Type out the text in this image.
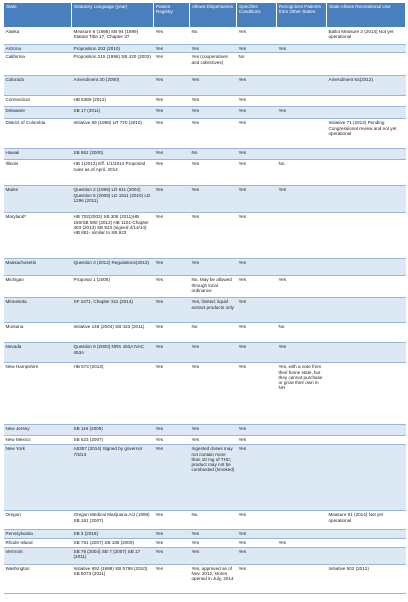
State	Statutory Language (year)	Patient Registry	Allows Dispensaries	Specifies Conditions	Recognizes Patients from Other States	State Allows Recreational Use
Alaska	Measure 8 (1998) SB 94 (1999) Statute Title 17, Chapter 37	Yes	No	Yes		Ballot Measure 2 (2014) Not yet operational
Arizona	Proposition 203 (2010)	Yes	Yes	Yes	Yes	
California	Proposition 215 (1996) SB 420 (2003)	Yes	Yes (cooperatives and collectives)	No		
Colorado	Amendment 20 (2000)	Yes	Yes	Yes		Amendment 64(2012)
Connecticut	HB 5389 (2012)	Yes	Yes	Yes		
Delaware	SB 17 (2011)	Yes	Yes	Yes	Yes	
District of Columbia	Initiative 59 (1998) LR 720 (2010)	Yes	Yes	Yes		Initiative 71 (2014) Pending Congressional review and not yet operational
Hawaii	SB 862 (2000)	Yes	No	Yes		
Illinois	HB 1(2013) Eff. 1/1/2014 Proposed rules as of April, 2014	Yes	Yes	Yes	No	
Maine	Question 2 (1999) LD 611 (2002) Question 5 (2009) LD 1811 (2010) LD 1296 (2011)	Yes	Yes	Yes	Yes	
Maryland*	HB 702(2003) SB 308 (2011)HB 180/SB 580 (2013) HB 1101-Chapter 403 (2013) SB 923 (signed 4/14/14) HB 881- similar to SB 923	Yes	Yes	Yes		
Massachusetts	Question 3 (2012) Regulations(2013)	Yes	Yes	Yes		
Michigan	Proposal 1 (2008)	Yes	No. May be allowed through local ordinance	Yes	Yes	
Minnesota	SF 2471, Chapter 311 (2014)	Yes	Yes, limited. liquid extract products only	Yes		
Montana	Initiative 148 (2004) SB 423 (2011)	Yes	No	Yes	No	
Nevada	Question 9 (2000) NRS 453A NAC 453A	Yes	Yes	Yes	Yes	
New Hampshire	HB 573 (2013)	Yes	Yes	Yes	Yes, with a note from their home state, but they cannot purchase or grow their own in NH	
New Jersey	SB 119 (2009)	Yes	Yes	Yes		
New Mexico	SB 523 (2007)	Yes	Yes	Yes		
New York	A6357 (2014) Signed by governor 7/5/14	Yes	Ingested doses may not contain more than 10 mg of THC; product may not be combusted (smoked)	Yes		
Oregon	Oregon Medical Marijuana Act (1998) SB 161 (2007)	Yes	No	Yes		Measure 91 (2014) Not yet operational
Pennsylvania	SB 3 (2016)	Yes	Yes	Yes		
Rhode Island	SB 791 (2007) SB 185 (2009)	Yes	Yes	Yes	Yes	
Vermont	SB 76 (2004) SB 7 (2007) SB 17 (2011)	Yes	Yes	Yes		
Washington	Initiative 692 (1998) SB 5798 (2010) SB 5073 (2011)	Yes	Yes, approved as of Nov. 2012, stores opened in July, 2014	Yes		Initiative 502 (2012)
